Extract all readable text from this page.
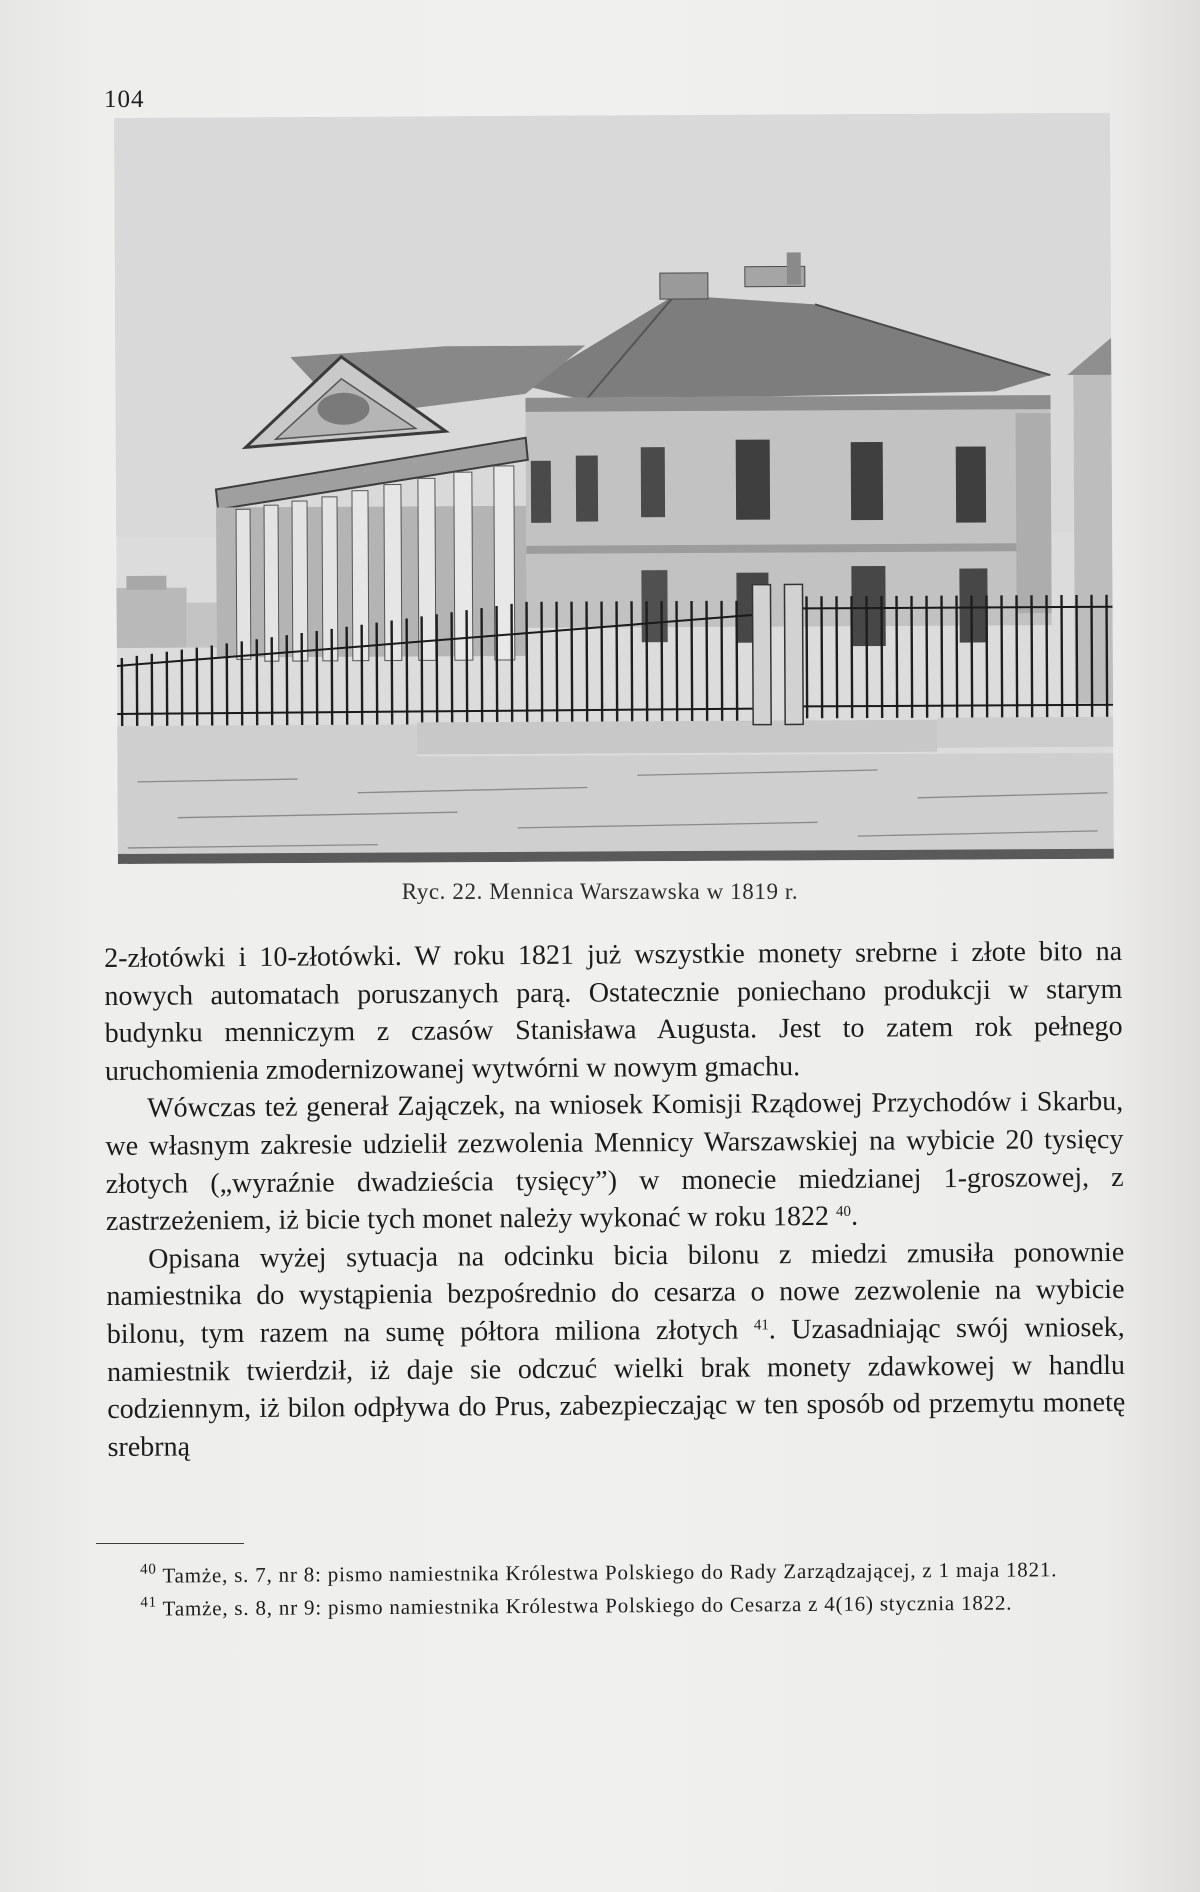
104
Ryc. 22. Mennica Warszawska w 1819 r.

2-złotówki i 10-złotówki. W roku 1821 już wszystkie monety srebrne i złote bito na nowych automatach poruszanych parą. Ostatecznie poniechano produkcji w starym budynku menniczym z czasów Stanisława Augusta. Jest to zatem rok pełnego uruchomienia zmodernizowanej wytwórni w nowym gmachu.

Wówczas też generał Zajączek, na wniosek Komisji Rządowej Przychodów i Skarbu, we własnym zakresie udzielił zezwolenia Mennicy Warszawskiej na wybicie 20 tysięcy złotych („wyraźnie dwadzieścia tysięcy”) w monecie miedzianej 1-groszowej, z zastrzeżeniem, iż bicie tych monet należy wykonać w roku 1822 $^{40}$.

Opisana wyżej sytuacja na odcinku bicia bilonu z miedzi zmusiła ponownie namiestnika do wystąpienia bezpośrednio do cesarza o nowe zezwolenie na wybicie bilonu, tym razem na sumę półtora miliona złotych $^{41}$. Uzasadniając swój wniosek, namiestnik twierdził, iż daje sie odczuć wielki brak monety zdawkowej w handlu codziennym, iż bilon odpływa do Prus, zabezpieczając w ten sposób od przemytu monetę srebrną

$^{40}$ Tamże, s. 7, nr 8: pismo namiestnika Królestwa Polskiego do Rady Zarządzającej, z 1 maja 1821.

$^{41}$ Tamże, s. 8, nr 9: pismo namiestnika Królestwa Polskiego do Cesarza z 4(16) stycznia 1822.
